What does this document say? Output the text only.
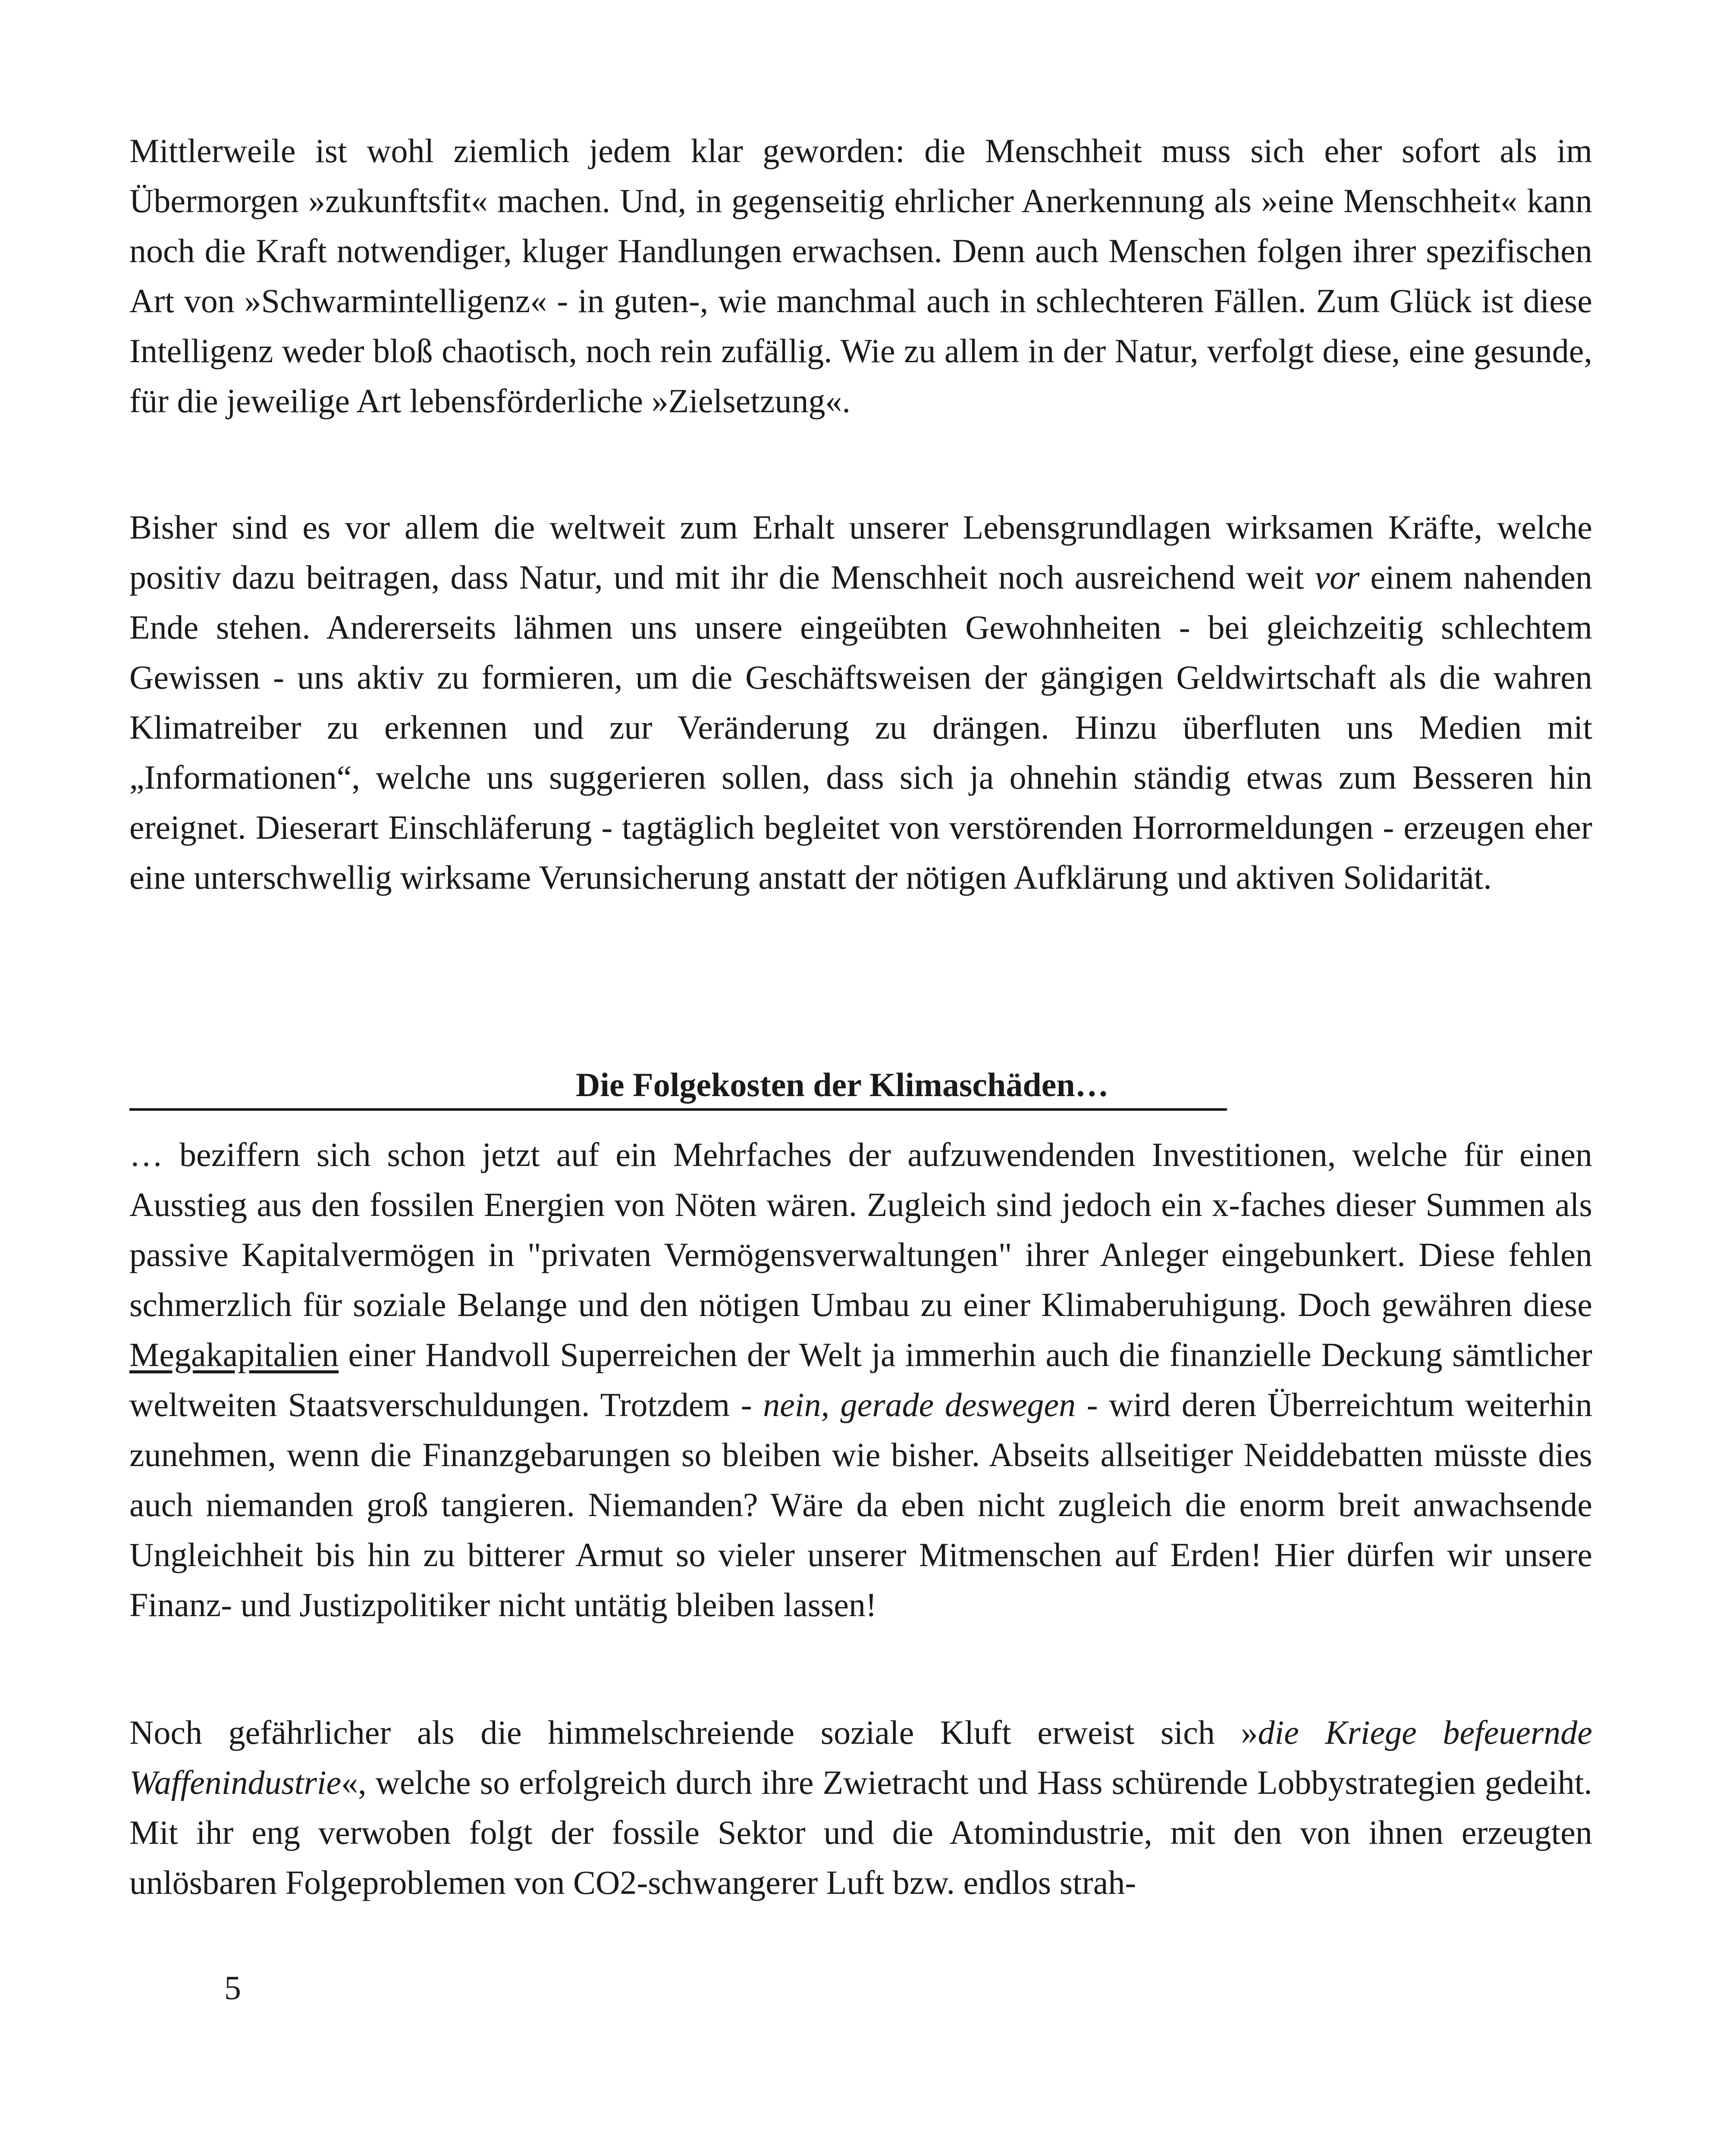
Mittlerweile ist wohl ziemlich jedem klar geworden: die Menschheit muss sich eher sofort als im Übermorgen »zukunftsfit« machen. Und, in gegenseitig ehrlicher Anerkennung als »eine Menschheit« kann noch die Kraft notwendiger, kluger Handlungen erwachsen. Denn auch Menschen folgen ihrer spezifischen Art von »Schwarmintelligenz« - in guten-, wie manchmal auch in schlechteren Fällen. Zum Glück ist diese Intelligenz weder bloß chaotisch, noch rein zufällig. Wie zu allem in der Natur, verfolgt diese, eine gesunde, für die jeweilige Art lebensförderliche »Zielsetzung«.

Bisher sind es vor allem die weltweit zum Erhalt unserer Lebensgrundlagen wirksamen Kräfte, welche positiv dazu beitragen, dass Natur, und mit ihr die Menschheit noch ausreichend weit vor einem nahenden Ende stehen. Andererseits lähmen uns unsere eingeübten Gewohnheiten - bei gleichzeitig schlechtem Gewissen - uns aktiv zu formieren, um die Geschäftsweisen der gängigen Geldwirtschaft als die wahren Klimatreiber zu erkennen und zur Veränderung zu drängen. Hinzu überfluten uns Medien mit „Informationen“, welche uns suggerieren sollen, dass sich ja ohnehin ständig etwas zum Besseren hin ereignet. Dieserart Einschläferung - tagtäglich begleitet von verstörenden Horrormeldungen - erzeugen eher eine unterschwellig wirksame Verunsicherung anstatt der nötigen Aufklärung und aktiven Solidarität.

Die Folgekosten der Klimaschäden…

… beziffern sich schon jetzt auf ein Mehrfaches der aufzuwendenden Investitionen, welche für einen Ausstieg aus den fossilen Energien von Nöten wären. Zugleich sind jedoch ein x-faches dieser Summen als passive Kapitalvermögen in "privaten Vermögensverwaltungen" ihrer Anleger eingebunkert. Diese fehlen schmerzlich für soziale Belange und den nötigen Umbau zu einer Klimaberuhigung. Doch gewähren diese Megakapitalien einer Handvoll Superreichen der Welt ja immerhin auch die finanzielle Deckung sämtlicher weltweiten Staatsverschuldungen. Trotzdem - nein, gerade deswegen - wird deren Überreichtum weiterhin zunehmen, wenn die Finanzgebarungen so bleiben wie bisher. Abseits allseitiger Neiddebatten müsste dies auch niemanden groß tangieren. Niemanden? Wäre da eben nicht zugleich die enorm breit anwachsende Ungleichheit bis hin zu bitterer Armut so vieler unserer Mitmenschen auf Erden! Hier dürfen wir unsere Finanz- und Justizpolitiker nicht untätig bleiben lassen!

Noch gefährlicher als die himmelschreiende soziale Kluft erweist sich »die Kriege befeuernde Waffenindustrie«, welche so erfolgreich durch ihre Zwietracht und Hass schürende Lobbystrategien gedeiht. Mit ihr eng verwoben folgt der fossile Sektor und die Atomindustrie, mit den von ihnen erzeugten unlösbaren Folgeproblemen von CO2-schwangerer Luft bzw. endlos strah-

5
